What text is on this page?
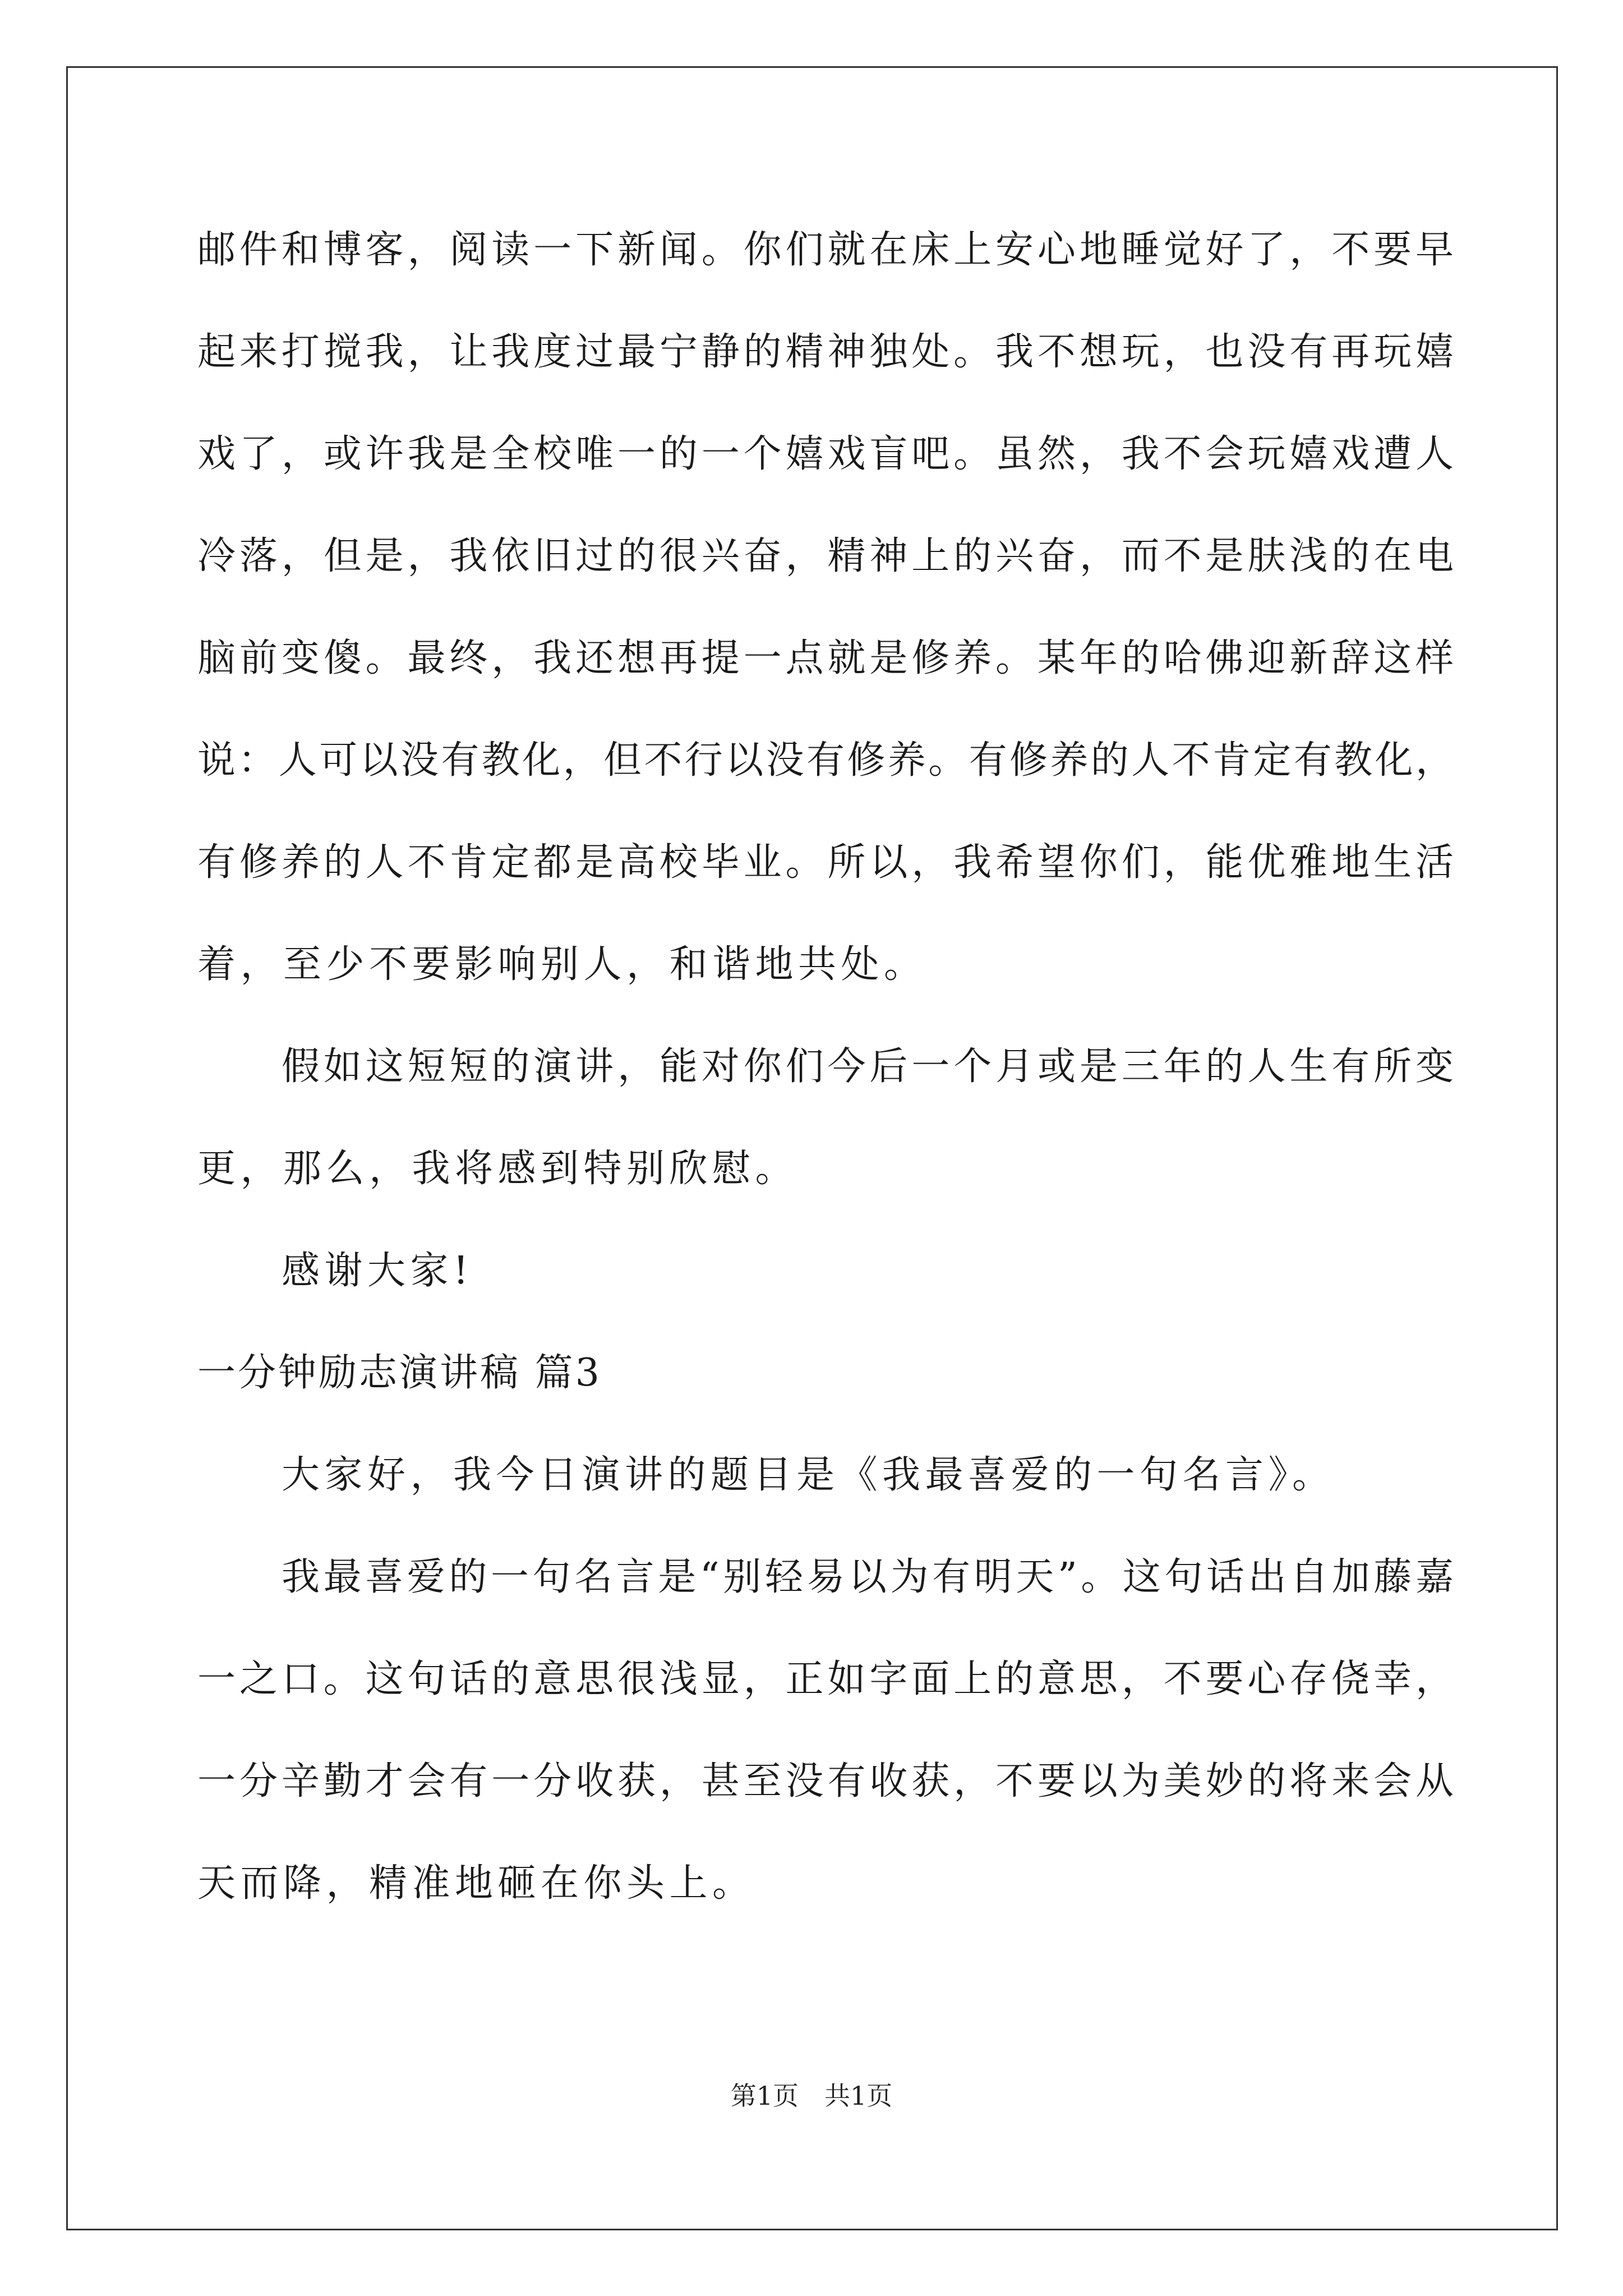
邮件和博客，阅读一下新闻。你们就在床上安心地睡觉好了，不要早
起来打搅我，让我度过最宁静的精神独处。我不想玩，也没有再玩嬉
戏了，或许我是全校唯一的一个嬉戏盲吧。虽然，我不会玩嬉戏遭人
冷落，但是，我依旧过的很兴奋，精神上的兴奋，而不是肤浅的在电
脑前变傻。最终，我还想再提一点就是修养。某年的哈佛迎新辞这样
说：人可以没有教化，但不行以没有修养。有修养的人不肯定有教化，
有修养的人不肯定都是高校毕业。所以，我希望你们，能优雅地生活
着，至少不要影响别人，和谐地共处。
假如这短短的演讲，能对你们今后一个月或是三年的人生有所变
更，那么，我将感到特别欣慰。
感谢大家!
一分钟励志演讲稿 篇3
大家好，我今日演讲的题目是《我最喜爱的一句名言》。
我最喜爱的一句名言是“别轻易以为有明天”。这句话出自加藤嘉
一之口。这句话的意思很浅显，正如字面上的意思，不要心存侥幸，
一分辛勤才会有一分收获，甚至没有收获，不要以为美妙的将来会从
天而降，精准地砸在你头上。
第1页　共1页
